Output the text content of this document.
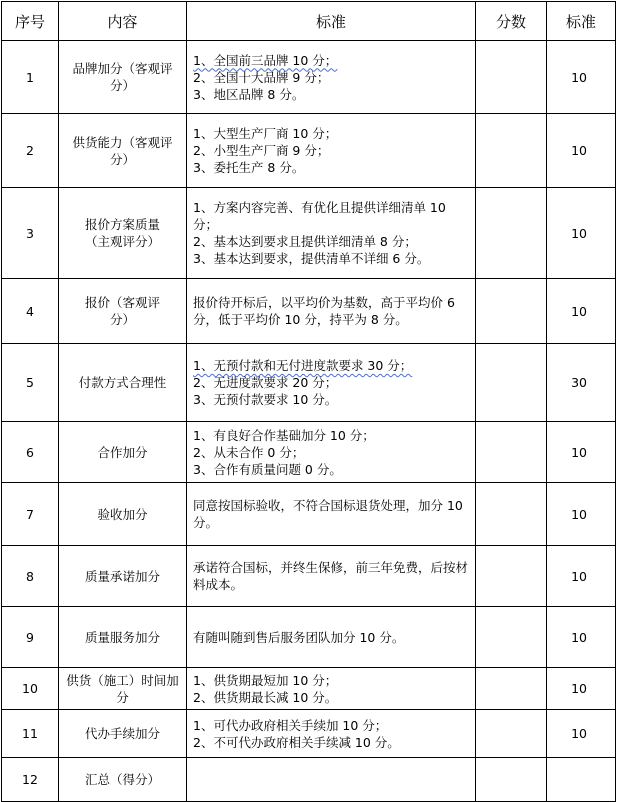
序号	内容	标准	分数	标准
1	品牌加分（客观评分）	1、全国前三品牌 10 分；
2、全国十大品牌 9 分；
3、地区品牌 8 分。		10
2	供货能力（客观评分）	1、大型生产厂商 10 分；
2、小型生产厂商 9 分；
3、委托生产 8 分。		10
3	报价方案质量（主观评分）	1、方案内容完善、有优化且提供详细清单 10 分；
2、基本达到要求且提供详细清单 8 分；
3、基本达到要求，提供清单不详细 6 分。		10
4	报价（客观评分）	报价待开标后，以平均价为基数，高于平均价 6 分，低于平均价 10 分，持平为 8 分。		10
5	付款方式合理性	1、无预付款和无付进度款要求 30 分；
2、无进度款要求 20 分；
3、无预付款要求 10 分。		30
6	合作加分	1、有良好合作基础加分 10 分；
2、从未合作 0 分；
3、合作有质量问题 0 分。		10
7	验收加分	同意按国标验收，不符合国标退货处理，加分 10 分。		10
8	质量承诺加分	承诺符合国标，并终生保修，前三年免费，后按材料成本。		10
9	质量服务加分	有随叫随到售后服务团队加分 10 分。		10
10	供货（施工）时间加分	1、供货期最短加 10 分；
2、供货期最长减 10 分。		10
11	代办手续加分	1、可代办政府相关手续加 10 分；
2、不可代办政府相关手续减 10 分。		10
12	汇总（得分）			
